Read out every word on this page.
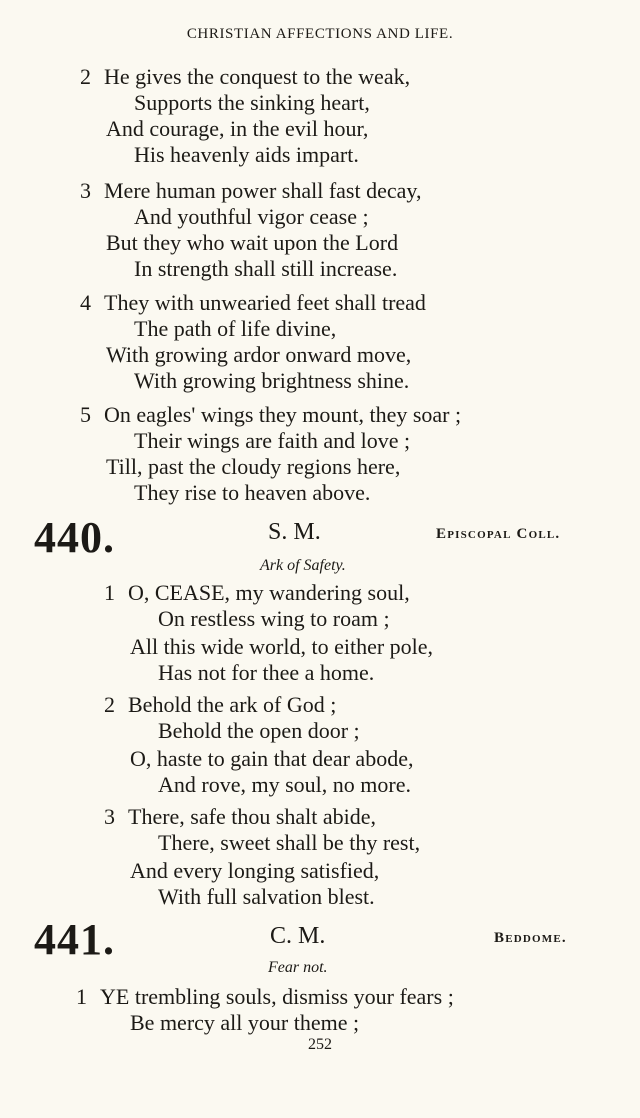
CHRISTIAN AFFECTIONS AND LIFE.
2 He gives the conquest to the weak,
Supports the sinking heart,
And courage, in the evil hour,
His heavenly aids impart.
3 Mere human power shall fast decay,
And youthful vigor cease ;
But they who wait upon the Lord
In strength shall still increase.
4 They with unwearied feet shall tread
The path of life divine,
With growing ardor onward move,
With growing brightness shine.
5 On eagles' wings they mount, they soar ;
Their wings are faith and love ;
Till, past the cloudy regions here,
They rise to heaven above.
440.	S. M.	Episcopal Coll.
Ark of Safety.
1 O, CEASE, my wandering soul,
On restless wing to roam ;
All this wide world, to either pole,
Has not for thee a home.
2 Behold the ark of God ;
Behold the open door ;
O, haste to gain that dear abode,
And rove, my soul, no more.
3 There, safe thou shalt abide,
There, sweet shall be thy rest,
And every longing satisfied,
With full salvation blest.
441.	C. M.	Beddome.
Fear not.
1 YE trembling souls, dismiss your fears ;
Be mercy all your theme ;
252
